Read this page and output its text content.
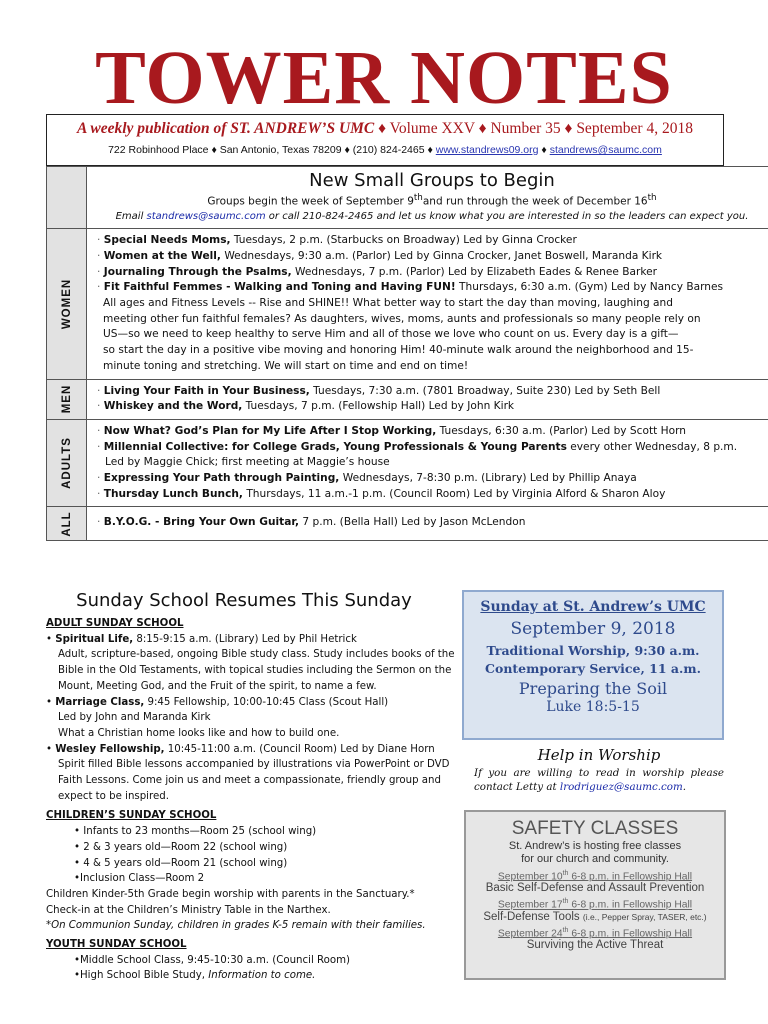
TOWER NOTES
A weekly publication of ST. ANDREW’S UMC ♦ Volume XXV ♦ Number 35 ♦ September 4, 2018
722 Robinhood Place ♦ San Antonio, Texas 78209 ♦ (210) 824-2465 ♦ www.standrews09.org ♦ standrews@saumc.com
New Small Groups to Begin
Groups begin the week of September 9thand run through the week of December 16th
Email standrews@saumc.com or call 210-824-2465 and let us know what you are interested in so the leaders can expect you.
WOMEN
· Special Needs Moms, Tuesdays, 2 p.m. (Starbucks on Broadway) Led by Ginna Crocker
· Women at the Well, Wednesdays, 9:30 a.m. (Parlor) Led by Ginna Crocker, Janet Boswell, Maranda Kirk
· Journaling Through the Psalms, Wednesdays, 7 p.m. (Parlor) Led by Elizabeth Eades & Renee Barker
· Fit Faithful Femmes - Walking and Toning and Having FUN! Thursdays, 6:30 a.m. (Gym) Led by Nancy Barnes
All ages and Fitness Levels -- Rise and SHINE!! What better way to start the day than moving, laughing and
meeting other fun faithful females? As daughters, wives, moms, aunts and professionals so many people rely on
US—so we need to keep healthy to serve Him and all of those we love who count on us. Every day is a gift—
so start the day in a positive vibe moving and honoring Him! 40-minute walk around the neighborhood and 15-
minute toning and stretching. We will start on time and end on time!
MEN · Living Your Faith in Your Business, Tuesdays, 7:30 a.m. (7801 Broadway, Suite 230) Led by Seth Bell
· Whiskey and the Word, Tuesdays, 7 p.m. (Fellowship Hall) Led by John Kirk
ADULTS
· Now What? God’s Plan for My Life After I Stop Working, Tuesdays, 6:30 a.m. (Parlor) Led by Scott Horn
· Millennial Collective: for College Grads, Young Professionals & Young Parents every other Wednesday, 8 p.m.
Led by Maggie Chick; first meeting at Maggie’s house
· Expressing Your Path through Painting, Wednesdays, 7-8:30 p.m. (Library) Led by Phillip Anaya
· Thursday Lunch Bunch, Thursdays, 11 a.m.-1 p.m. (Council Room) Led by Virginia Alford & Sharon Aloy
ALL · B.Y.O.G. - Bring Your Own Guitar, 7 p.m. (Bella Hall) Led by Jason McLendon
Sunday School Resumes This Sunday
ADULT SUNDAY SCHOOL
• Spiritual Life, 8:15-9:15 a.m. (Library) Led by Phil Hetrick
Adult, scripture-based, ongoing Bible study class. Study includes books of the
Bible in the Old Testaments, with topical studies including the Sermon on the
Mount, Meeting God, and the Fruit of the spirit, to name a few.
• Marriage Class, 9:45 Fellowship, 10:00-10:45 Class (Scout Hall)
Led by John and Maranda Kirk
What a Christian home looks like and how to build one.
• Wesley Fellowship, 10:45-11:00 a.m. (Council Room) Led by Diane Horn
Spirit filled Bible lessons accompanied by illustrations via PowerPoint or DVD
Faith Lessons. Come join us and meet a compassionate, friendly group and
expect to be inspired.
CHILDREN’S SUNDAY SCHOOL
• Infants to 23 months—Room 25 (school wing)
• 2 & 3 years old—Room 22 (school wing)
• 4 & 5 years old—Room 21 (school wing)
•Inclusion Class—Room 2
Children Kinder-5th Grade begin worship with parents in the Sanctuary.*
Check-in at the Children’s Ministry Table in the Narthex.
*On Communion Sunday, children in grades K-5 remain with their families.
YOUTH SUNDAY SCHOOL
•Middle School Class, 9:45-10:30 a.m. (Council Room)
•High School Bible Study, Information to come.
Sunday at St. Andrew’s UMC
September 9, 2018
Traditional Worship, 9:30 a.m.
Contemporary Service, 11 a.m.
Preparing the Soil
Luke 18:5-15
Help in Worship
If you are willing to read in worship please contact Letty at lrodriguez@saumc.com.
SAFETY CLASSES
St. Andrew’s is hosting free classes
for our church and community.
September 10th 6-8 p.m. in Fellowship Hall
Basic Self-Defense and Assault Prevention
September 17th 6-8 p.m. in Fellowship Hall
Self-Defense Tools (i.e., Pepper Spray, TASER, etc.)
September 24th 6-8 p.m. in Fellowship Hall
Surviving the Active Threat
